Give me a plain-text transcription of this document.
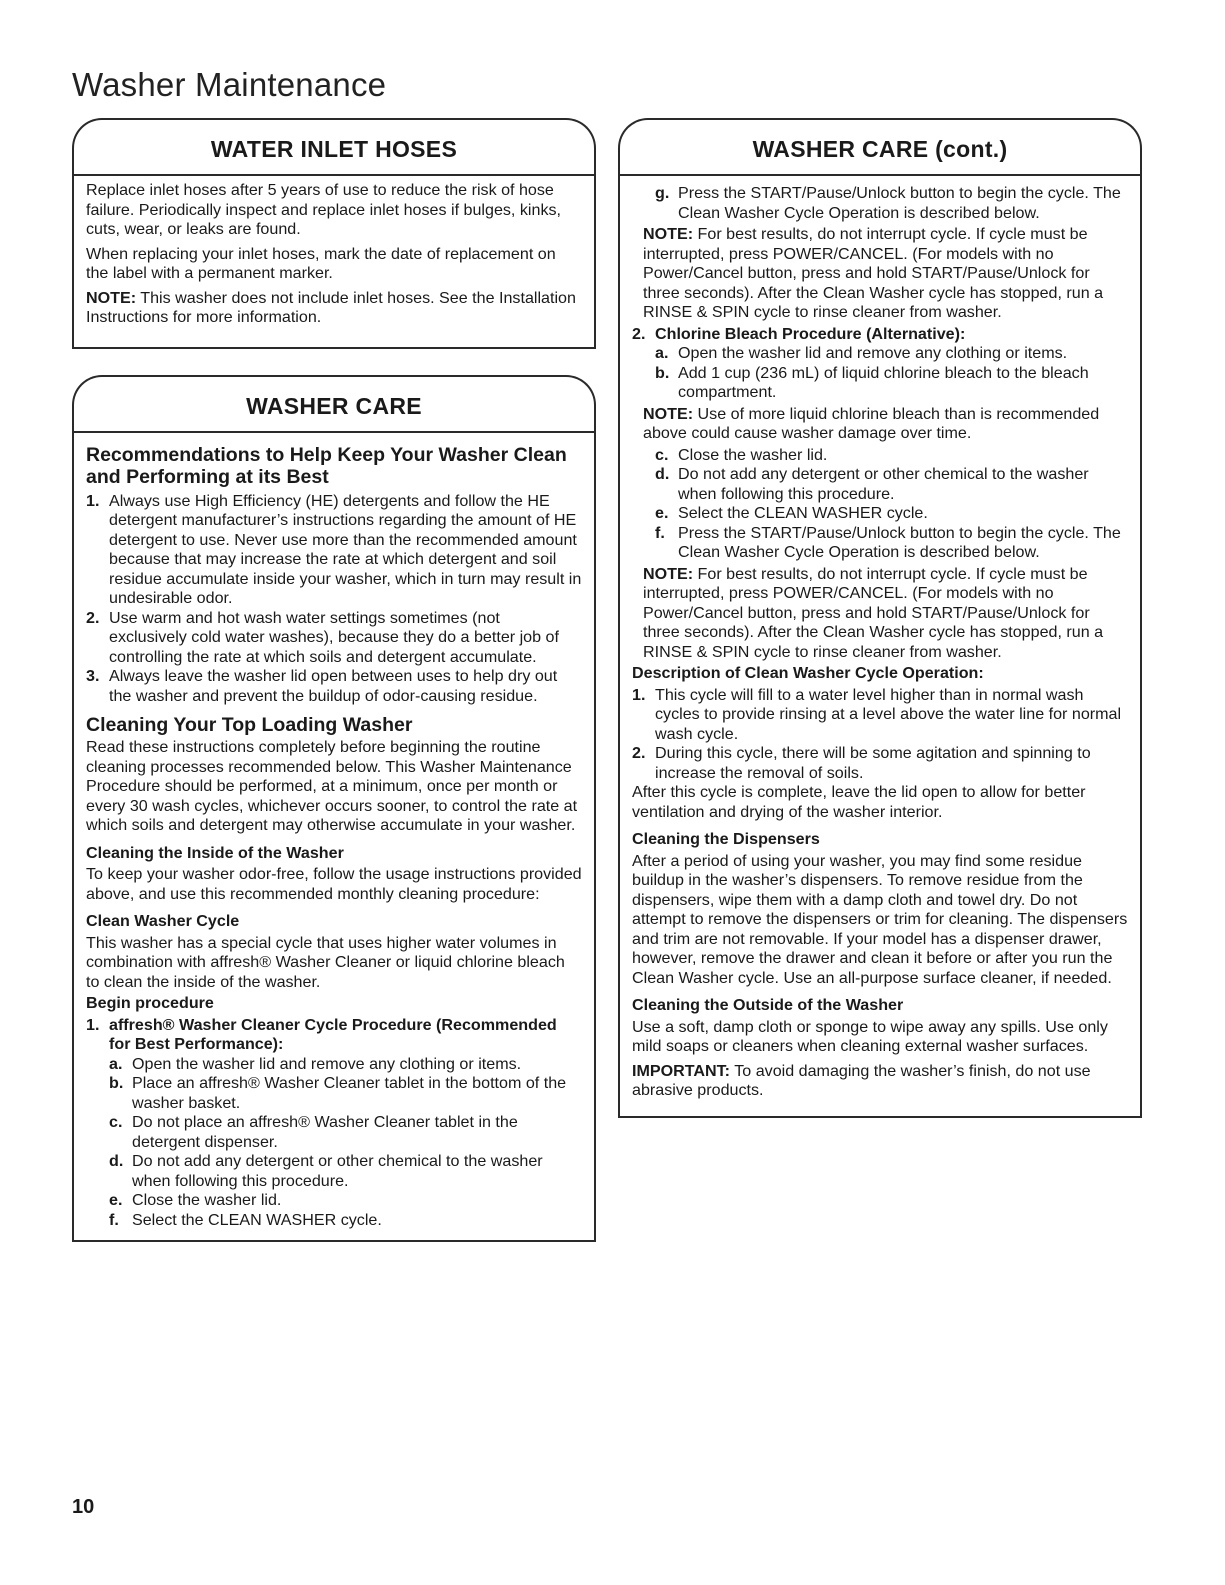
Washer Maintenance
WATER INLET HOSES

Replace inlet hoses after 5 years of use to reduce the risk of hose failure. Periodically inspect and replace inlet hoses if bulges, kinks, cuts, wear, or leaks are found.

When replacing your inlet hoses, mark the date of replacement on the label with a permanent marker.

NOTE: This washer does not include inlet hoses. See the Installation Instructions for more information.

WASHER CARE
Recommendations to Help Keep Your Washer Clean and Performing at its Best
1. Always use High Efficiency (HE) detergents and follow the HE detergent manufacturer’s instructions regarding the amount of HE detergent to use. Never use more than the recommended amount because that may increase the rate at which detergent and soil residue accumulate inside your washer, which in turn may result in undesirable odor.
2. Use warm and hot wash water settings sometimes (not exclusively cold water washes), because they do a better job of controlling the rate at which soils and detergent accumulate.
3. Always leave the washer lid open between uses to help dry out the washer and prevent the buildup of odor-causing residue.
Cleaning Your Top Loading Washer

Read these instructions completely before beginning the routine cleaning processes recommended below. This Washer Maintenance Procedure should be performed, at a minimum, once per month or every 30 wash cycles, whichever occurs sooner, to control the rate at which soils and detergent may otherwise accumulate in your washer.

Cleaning the Inside of the Washer

To keep your washer odor-free, follow the usage instructions provided above, and use this recommended monthly cleaning procedure:

Clean Washer Cycle

This washer has a special cycle that uses higher water volumes in combination with affresh® Washer Cleaner or liquid chlorine bleach to clean the inside of the washer.

Begin procedure
1. affresh® Washer Cleaner Cycle Procedure (Recommended for Best Performance):
a. Open the washer lid and remove any clothing or items.
b. Place an affresh® Washer Cleaner tablet in the bottom of the washer basket.
c. Do not place an affresh® Washer Cleaner tablet in the detergent dispenser.
d. Do not add any detergent or other chemical to the washer when following this procedure.
e. Close the washer lid.
f. Select the CLEAN WASHER cycle.
WASHER CARE (cont.)
g. Press the START/Pause/Unlock button to begin the cycle. The Clean Washer Cycle Operation is described below.

NOTE: For best results, do not interrupt cycle. If cycle must be interrupted, press POWER/CANCEL. (For models with no Power/Cancel button, press and hold START/Pause/Unlock for three seconds). After the Clean Washer cycle has stopped, run a RINSE & SPIN cycle to rinse cleaner from washer.

2. Chlorine Bleach Procedure (Alternative):
a. Open the washer lid and remove any clothing or items.
b. Add 1 cup (236 mL) of liquid chlorine bleach to the bleach compartment.

NOTE: Use of more liquid chlorine bleach than is recommended above could cause washer damage over time.

c. Close the washer lid.
d. Do not add any detergent or other chemical to the washer when following this procedure.
e. Select the CLEAN WASHER cycle.
f. Press the START/Pause/Unlock button to begin the cycle. The Clean Washer Cycle Operation is described below.

NOTE: For best results, do not interrupt cycle. If cycle must be interrupted, press POWER/CANCEL. (For models with no Power/Cancel button, press and hold START/Pause/Unlock for three seconds). After the Clean Washer cycle has stopped, run a RINSE & SPIN cycle to rinse cleaner from washer.

Description of Clean Washer Cycle Operation:
1. This cycle will fill to a water level higher than in normal wash cycles to provide rinsing at a level above the water line for normal wash cycle.
2. During this cycle, there will be some agitation and spinning to increase the removal of soils.

After this cycle is complete, leave the lid open to allow for better ventilation and drying of the washer interior.

Cleaning the Dispensers

After a period of using your washer, you may find some residue buildup in the washer’s dispensers. To remove residue from the dispensers, wipe them with a damp cloth and towel dry. Do not attempt to remove the dispensers or trim for cleaning. The dispensers and trim are not removable. If your model has a dispenser drawer, however, remove the drawer and clean it before or after you run the Clean Washer cycle. Use an all-purpose surface cleaner, if needed.

Cleaning the Outside of the Washer

Use a soft, damp cloth or sponge to wipe away any spills. Use only mild soaps or cleaners when cleaning external washer surfaces.

IMPORTANT: To avoid damaging the washer’s finish, do not use abrasive products.

10
